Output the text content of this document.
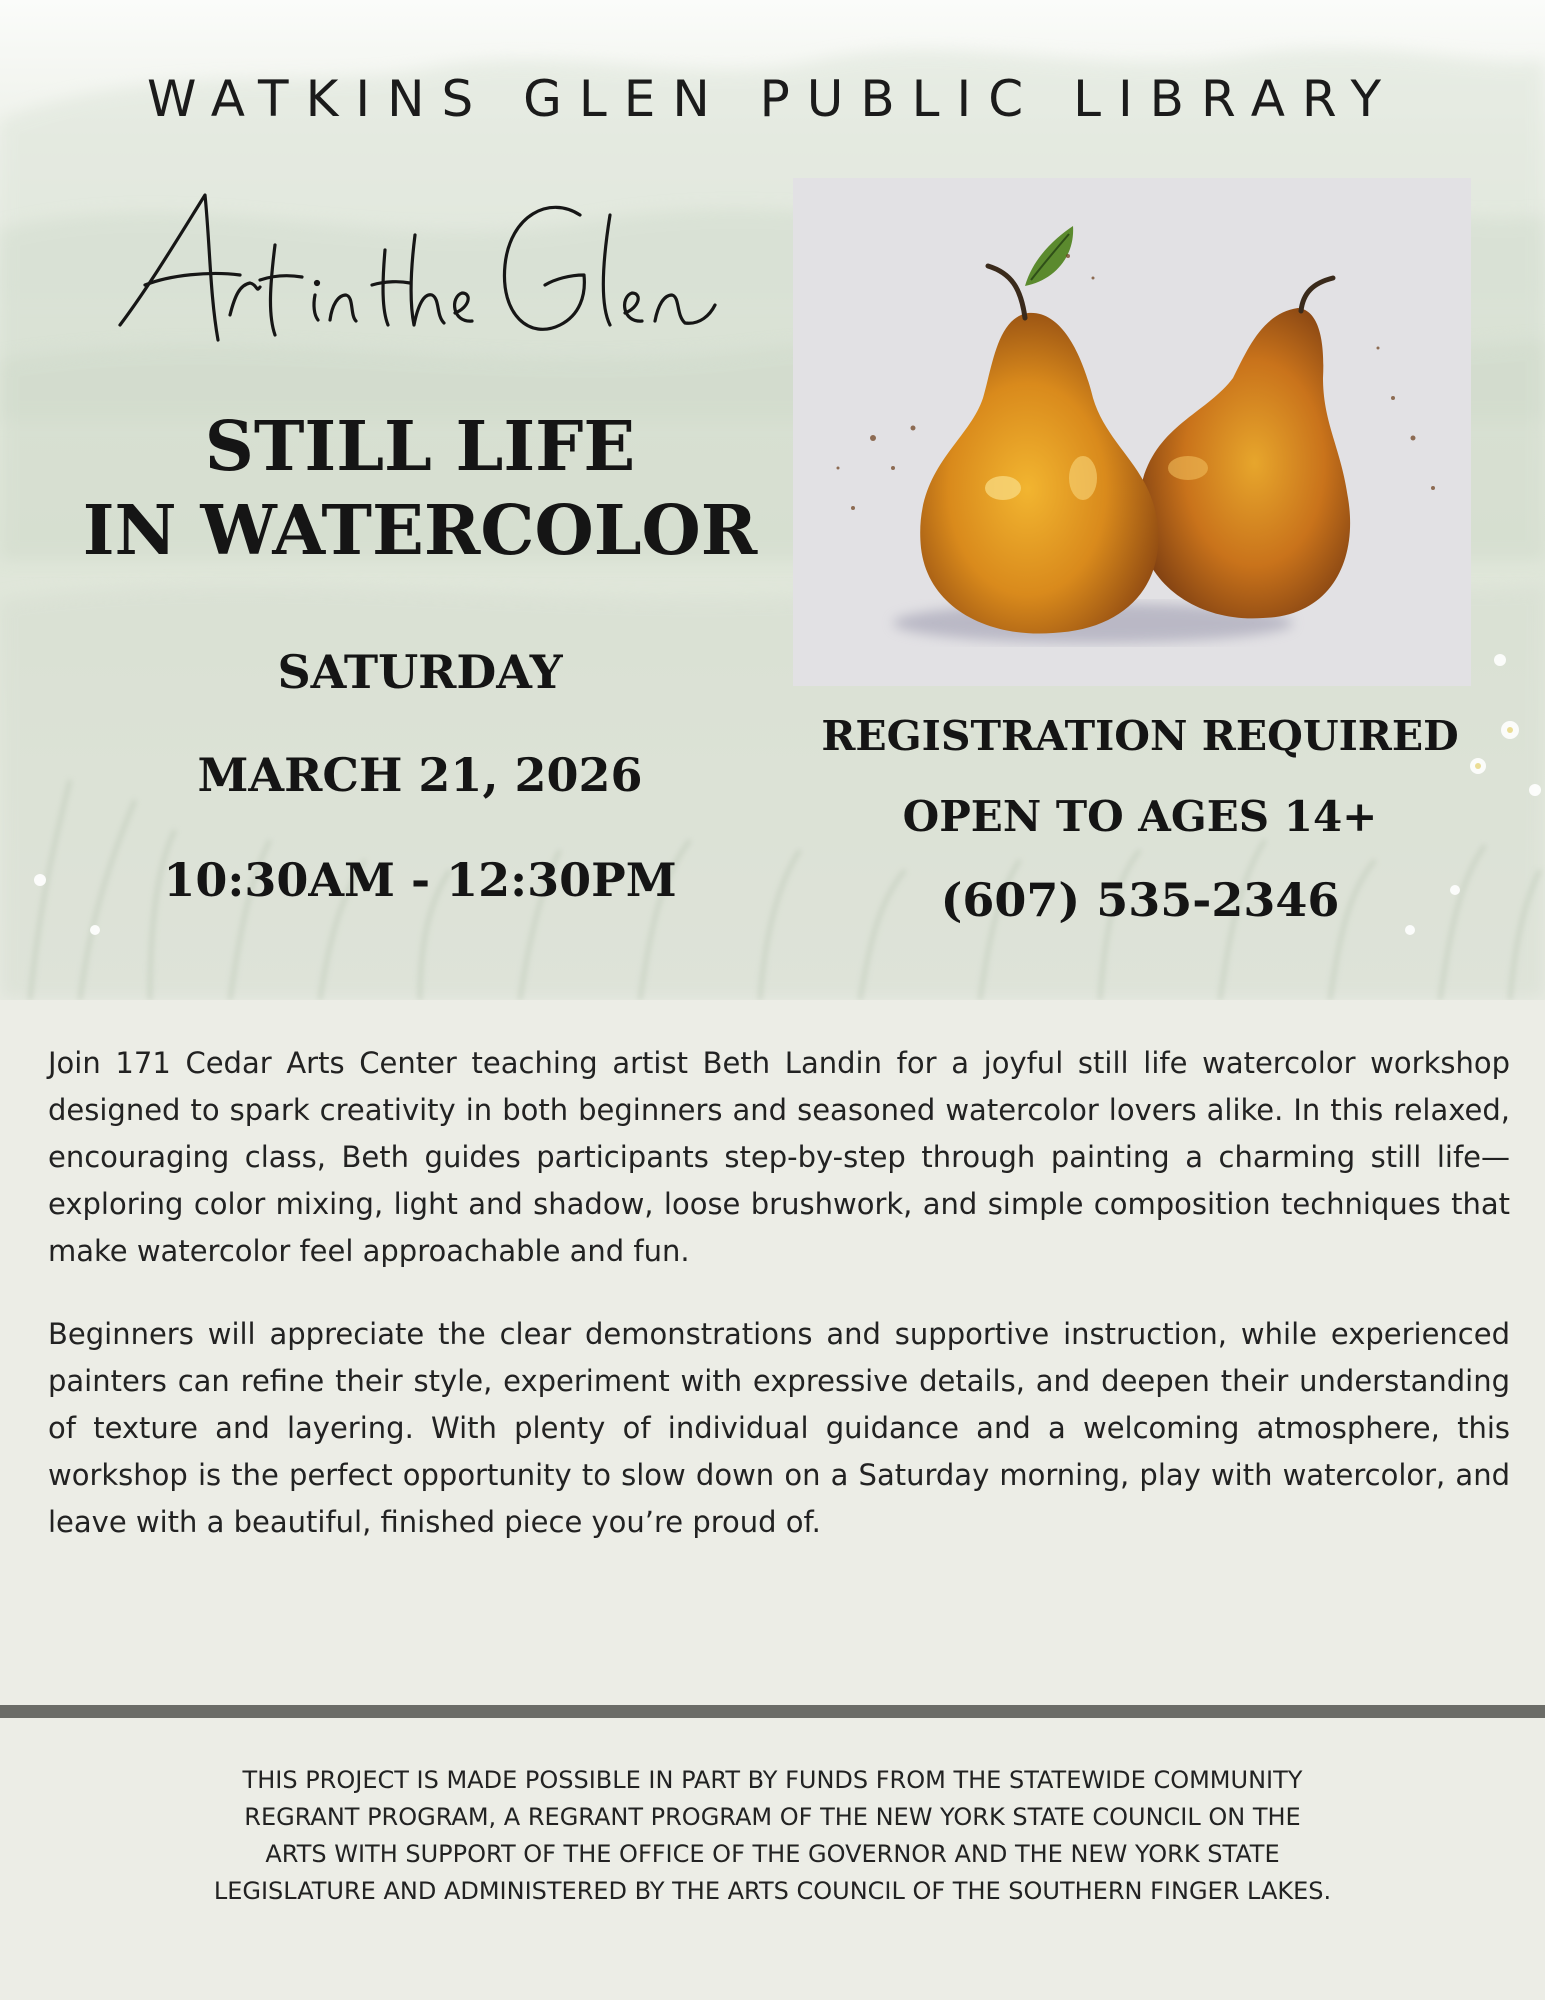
WATKINS GLEN PUBLIC LIBRARY
STILL LIFE
IN WATERCOLOR
SATURDAY
MARCH 21, 2026
10:30AM - 12:30PM
REGISTRATION REQUIRED
OPEN TO AGES 14+
(607) 535-2346

Join 171 Cedar Arts Center teaching artist Beth Landin for a joyful still life watercolor workshop designed to spark creativity in both beginners and seasoned watercolor lovers alike. In this relaxed, encouraging class, Beth guides participants step-by-step through painting a charming still life—exploring color mixing, light and shadow, loose brushwork, and simple composition techniques that make watercolor feel approachable and fun.

Beginners will appreciate the clear demonstrations and supportive instruction, while experienced painters can refine their style, experiment with expressive details, and deepen their understanding of texture and layering. With plenty of individual guidance and a welcoming atmosphere, this workshop is the perfect opportunity to slow down on a Saturday morning, play with watercolor, and leave with a beautiful, finished piece you’re proud of.

THIS PROJECT IS MADE POSSIBLE IN PART BY FUNDS FROM THE STATEWIDE COMMUNITY
REGRANT PROGRAM, A REGRANT PROGRAM OF THE NEW YORK STATE COUNCIL ON THE
ARTS WITH SUPPORT OF THE OFFICE OF THE GOVERNOR AND THE NEW YORK STATE
LEGISLATURE AND ADMINISTERED BY THE ARTS COUNCIL OF THE SOUTHERN FINGER LAKES.
